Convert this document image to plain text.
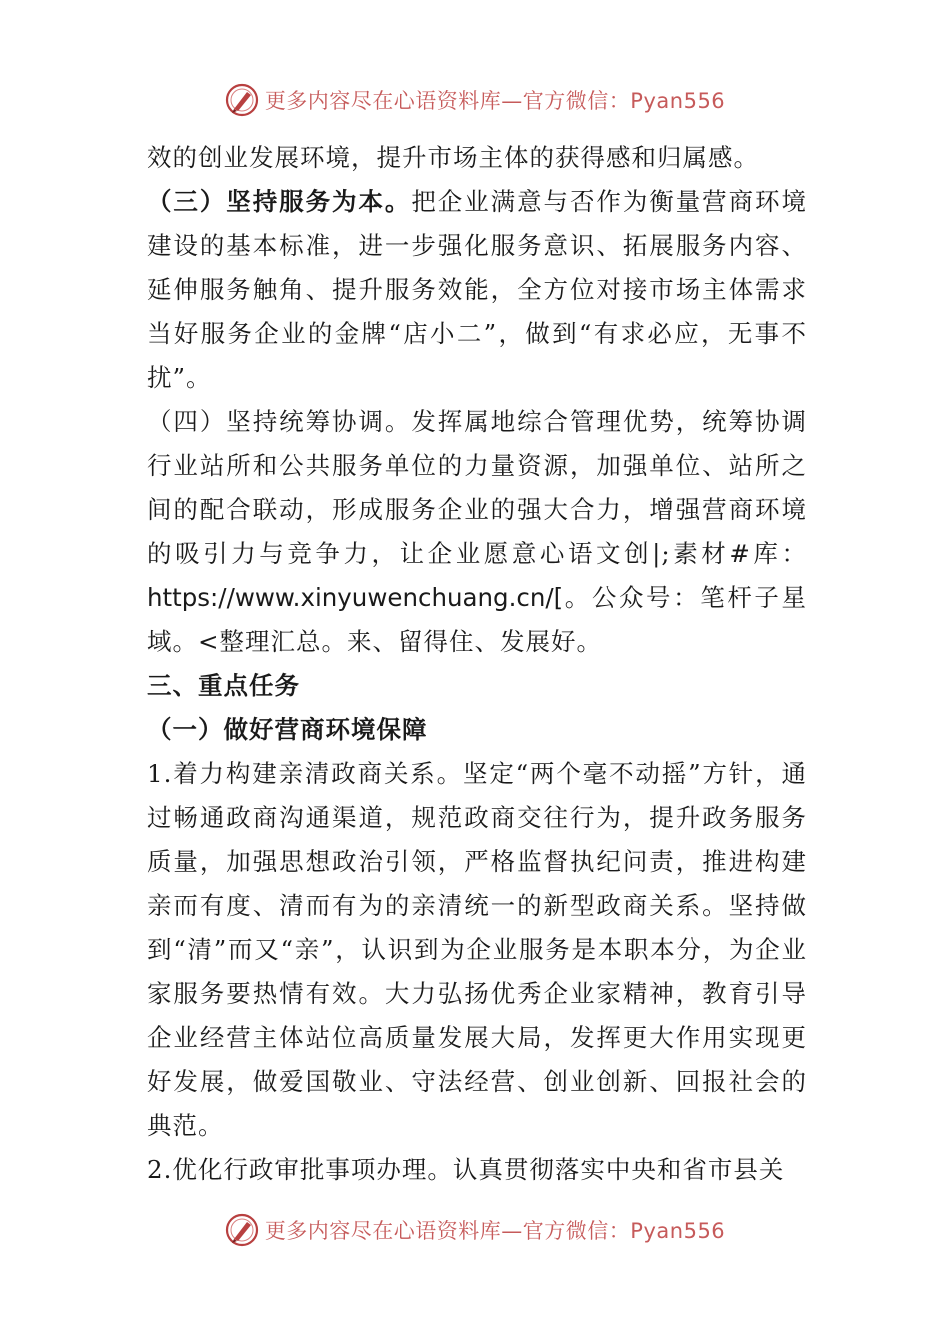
更多内容尽在心语资料库—官方微信：Pyan556

效的创业发展环境，提升市场主体的获得感和归属感。

（三）坚持服务为本。把企业满意与否作为衡量营商环境建设的基本标准，进一步强化服务意识、拓展服务内容、延伸服务触角、提升服务效能，全方位对接市场主体需求当好服务企业的金牌“店小二”，做到“有求必应，无事不扰”。

（四）坚持统筹协调。发挥属地综合管理优势，统筹协调行业站所和公共服务单位的力量资源，加强单位、站所之间的配合联动，形成服务企业的强大合力，增强营商环境的吸引力与竞争力，让企业愿意心语文创|;素材#库：https://www.xinyuwenchuang.cn/[。公众号：笔杆子星域。<整理汇总。来、留得住、发展好。

三、重点任务

（一）做好营商环境保障

1.着力构建亲清政商关系。坚定“两个毫不动摇”方针，通过畅通政商沟通渠道，规范政商交往行为，提升政务服务质量，加强思想政治引领，严格监督执纪问责，推进构建亲而有度、清而有为的亲清统一的新型政商关系。坚持做到“清”而又“亲”，认识到为企业服务是本职本分，为企业家服务要热情有效。大力弘扬优秀企业家精神，教育引导企业经营主体站位高质量发展大局，发挥更大作用实现更好发展，做爱国敬业、守法经营、创业创新、回报社会的典范。

2.优化行政审批事项办理。认真贯彻落实中央和省市县关

更多内容尽在心语资料库—官方微信：Pyan556
